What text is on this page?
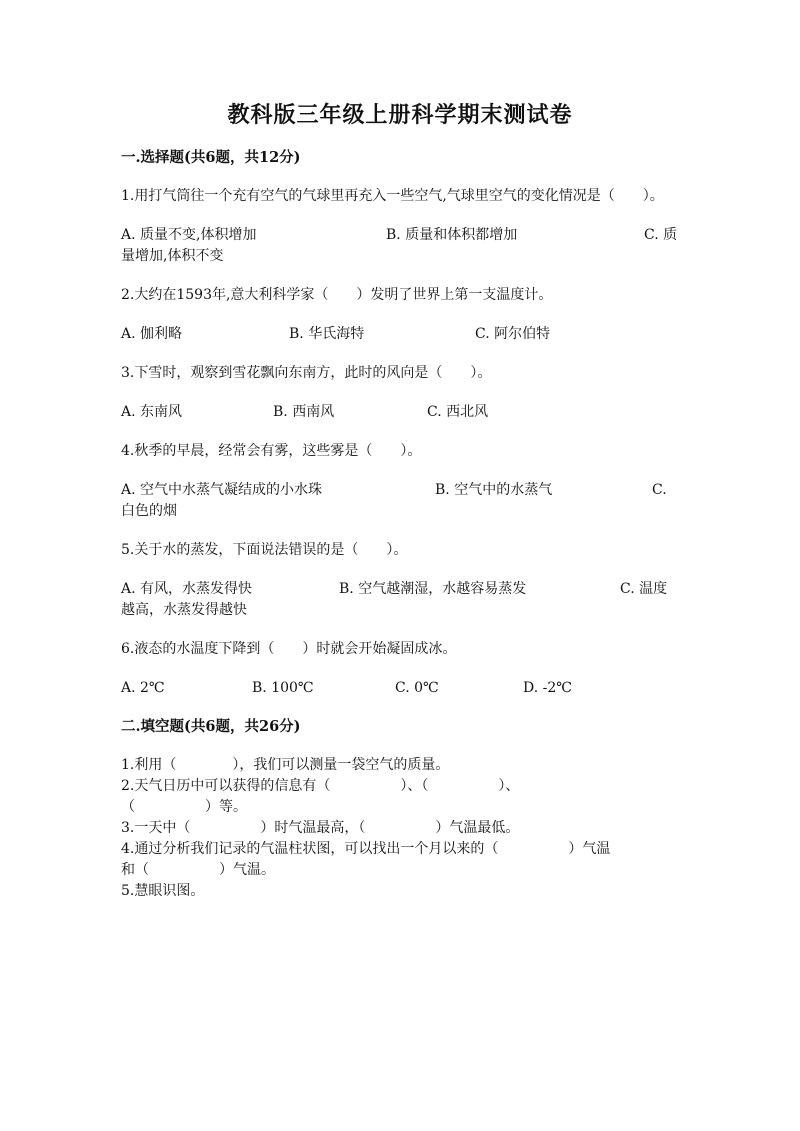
教科版三年级上册科学期末测试卷
一.选择题(共6题，共12分)
1.用打气筒往一个充有空气的气球里再充入一些空气,气球里空气的变化情况是（　　）。
A. 质量不变,体积增加	B. 质量和体积都增加	C. 质
量增加,体积不变
2.大约在1593年,意大利科学家（　　）发明了世界上第一支温度计。
A. 伽利略	B. 华氏海特	C. 阿尔伯特
3.下雪时，观察到雪花飘向东南方，此时的风向是（　　）。
A. 东南风	B. 西南风	C. 西北风
4.秋季的早晨，经常会有雾，这些雾是（　　）。
A. 空气中水蒸气凝结成的小水珠	B. 空气中的水蒸气	C.
白色的烟
5.关于水的蒸发，下面说法错误的是（　　）。
A. 有风，水蒸发得快	B. 空气越潮湿，水越容易蒸发	C. 温度
越高，水蒸发得越快
6.液态的水温度下降到（　　）时就会开始凝固成冰。
A. 2℃	B. 100℃	C. 0℃	D. -2℃
二.填空题(共6题，共26分)
1.利用（　　　　），我们可以测量一袋空气的质量。
2.天气日历中可以获得的信息有（　　　　　）、（　　　　　）、
（　　　　　）等。
3.一天中（　　　　　）时气温最高，（　　　　　）气温最低。
4.通过分析我们记录的气温柱状图，可以找出一个月以来的（　　　　　）气温
和（　　　　　）气温。
5.慧眼识图。
